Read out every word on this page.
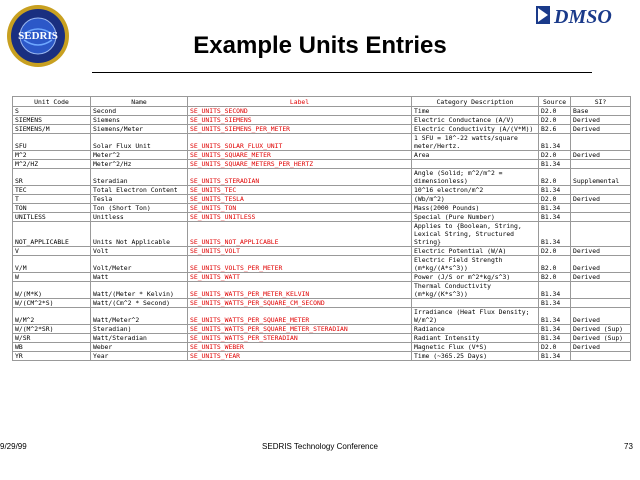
SEDRIS
DMSO
Example Units Entries
Unit Code	Name	Label	Category Description	Source	SI?
S	Second	SE_UNITS_SECOND	Time	D2.0	Base
SIEMENS	Siemens	SE_UNITS_SIEMENS	Electric Conductance (A/V)	D2.0	Derived
SIEMENS/M	Siemens/Meter	SE_UNITS_SIEMENS_PER_METER	Electric Conductivity (A/(V*M))	B2.6	Derived
SFU	Solar Flux Unit	SE_UNITS_SOLAR_FLUX_UNIT	1 SFU = 10^-22 watts/square meter/Hertz.	B1.34	
M^2	Meter^2	SE_UNITS_SQUARE_METER	Area	D2.0	Derived
M^2/HZ	Meter^2/Hz	SE_UNITS_SQUARE_METERS_PER_HERTZ		B1.34	
SR	Steradian	SE_UNITS_STERADIAN	Angle (Solid; m^2/m^2 = dimensionless)	B2.0	Supplemental
TEC	Total Electron Content	SE_UNITS_TEC	10^16 electron/m^2	B1.34	
T	Tesla	SE_UNITS_TESLA	(Wb/m^2)	D2.0	Derived
TON	Ton (Short Ton)	SE_UNITS_TON	Mass(2000 Pounds)	B1.34	
UNITLESS	Unitless	SE_UNITS_UNITLESS	Special (Pure Number)	B1.34	
NOT_APPLICABLE	Units Not Applicable	SE_UNITS_NOT_APPLICABLE	Applies to {Boolean, String, Lexical String, Structured String}	B1.34	
V	Volt	SE_UNITS_VOLT	Electric Potential (W/A)	D2.0	Derived
V/M	Volt/Meter	SE_UNITS_VOLTS_PER_METER	Electric Field Strength (m*kg/(A*s^3))	B2.0	Derived
W	Watt	SE_UNITS_WATT	Power (J/S or m^2*kg/s^3)	B2.0	Derived
W/(M*K)	Watt/(Meter * Kelvin)	SE_UNITS_WATTS_PER_METER_KELVIN	Thermal Conductivity (m*kg/(K*s^3))	B1.34	
W/(CM^2*S)	Watt/(Cm^2 * Second)	SE_UNITS_WATTS_PER_SQUARE_CM_SECOND		B1.34	
W/M^2	Watt/Meter^2	SE_UNITS_WATTS_PER_SQUARE_METER	Irradiance (Heat Flux Density; W/m^2)	B1.34	Derived
W/(M^2*SR)	Steradian)	SE_UNITS_WATTS_PER_SQUARE_METER_STERADIAN	Radiance	B1.34	Derived (Sup)
W/SR	Watt/Steradian	SE_UNITS_WATTS_PER_STERADIAN	Radiant Intensity	B1.34	Derived (Sup)
WB	Weber	SE_UNITS_WEBER	Magnetic Flux (V*S)	D2.0	Derived
YR	Year	SE_UNITS_YEAR	Time (~365.25 Days)	B1.34	
9/29/99	SEDRIS Technology Conference	73
